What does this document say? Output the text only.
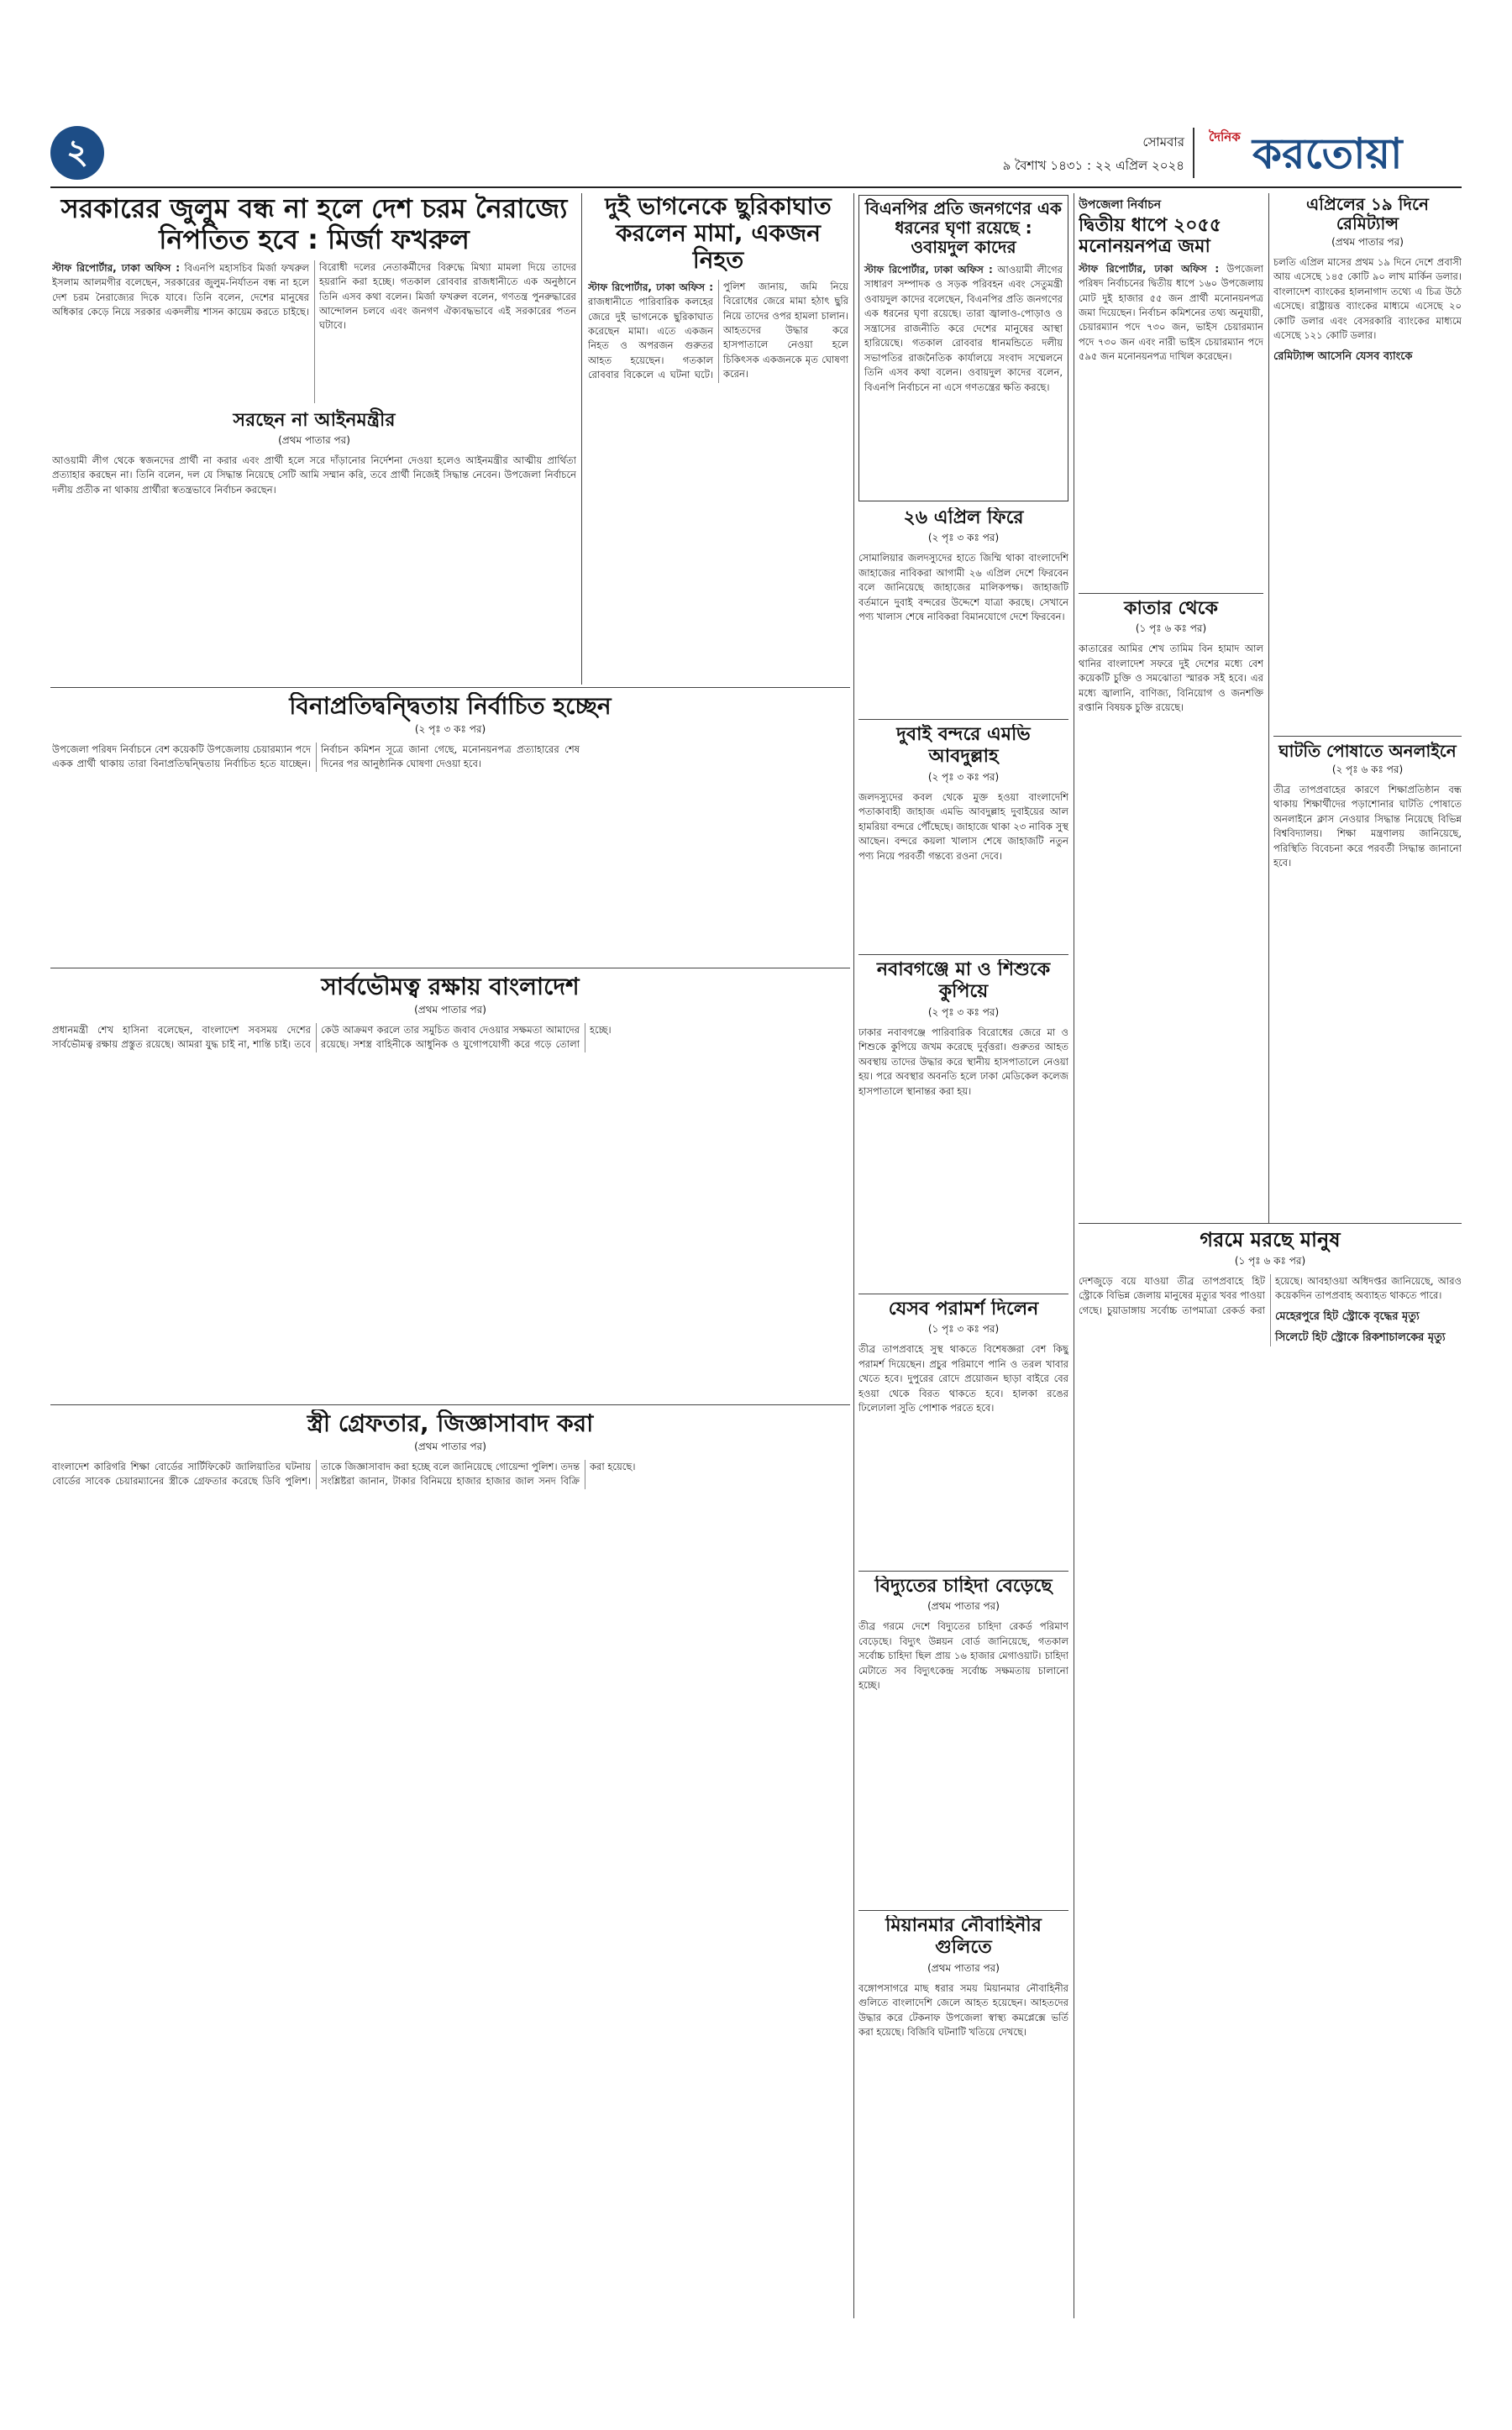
২	সোমবার
৯ বৈশাখ ১৪৩১ : ২২ এপ্রিল ২০২৪
দৈনিক করতোয়া
সরকারের জুলুম বন্ধ না হলে দেশ চরম নৈরাজ্যে নিপতিত হবে : মির্জা ফখরুল
স্টাফ রিপোর্টার, ঢাকা অফিস : বিএনপি মহাসচিব মির্জা ফখরুল ইসলাম আলমগীর বলেছেন, সরকারের জুলুম-নির্যাতন বন্ধ না হলে দেশ চরম নৈরাজ্যের দিকে যাবে। তিনি বলেন, দেশের মানুষের অধিকার কেড়ে নিয়ে সরকার একদলীয় শাসন কায়েম করতে চাইছে। বিরোধী দলের নেতাকর্মীদের বিরুদ্ধে মিথ্যা মামলা দিয়ে তাদের হয়রানি করা হচ্ছে। গতকাল রোববার রাজধানীতে এক অনুষ্ঠানে তিনি এসব কথা বলেন। মির্জা ফখরুল বলেন, গণতন্ত্র পুনরুদ্ধারের আন্দোলন চলবে এবং জনগণ ঐক্যবদ্ধভাবে এই সরকারের পতন ঘটাবে।
সরছেন না আইনমন্ত্রীর
(প্রথম পাতার পর)
আওয়ামী লীগ থেকে স্বজনদের প্রার্থী না করার এবং প্রার্থী হলে সরে দাঁড়ানোর নির্দেশনা দেওয়া হলেও আইনমন্ত্রীর আত্মীয় প্রার্থিতা প্রত্যাহার করছেন না। তিনি বলেন, দল যে সিদ্ধান্ত নিয়েছে সেটি আমি সম্মান করি, তবে প্রার্থী নিজেই সিদ্ধান্ত নেবেন। উপজেলা নির্বাচনে দলীয় প্রতীক না থাকায় প্রার্থীরা স্বতন্ত্রভাবে নির্বাচন করছেন।
দুই ভাগনেকে ছুরিকাঘাত করলেন মামা, একজন নিহত
স্টাফ রিপোর্টার, ঢাকা অফিস : রাজধানীতে পারিবারিক কলহের জেরে দুই ভাগনেকে ছুরিকাঘাত করেছেন মামা। এতে একজন নিহত ও অপরজন গুরুতর আহত হয়েছেন। গতকাল রোববার বিকেলে এ ঘটনা ঘটে। পুলিশ জানায়, জমি নিয়ে বিরোধের জেরে মামা হঠাৎ ছুরি নিয়ে তাদের ওপর হামলা চালান। আহতদের উদ্ধার করে হাসপাতালে নেওয়া হলে চিকিৎসক একজনকে মৃত ঘোষণা করেন।
বিনাপ্রতিদ্বন্দ্বিতায় নির্বাচিত হচ্ছেন
(২ পৃঃ ৩ কঃ পর)
উপজেলা পরিষদ নির্বাচনে বেশ কয়েকটি উপজেলায় চেয়ারম্যান পদে একক প্রার্থী থাকায় তারা বিনাপ্রতিদ্বন্দ্বিতায় নির্বাচিত হতে যাচ্ছেন। নির্বাচন কমিশন সূত্রে জানা গেছে, মনোনয়নপত্র প্রত্যাহারের শেষ দিনের পর আনুষ্ঠানিক ঘোষণা দেওয়া হবে।
সার্বভৌমত্ব রক্ষায় বাংলাদেশ
(প্রথম পাতার পর)
প্রধানমন্ত্রী শেখ হাসিনা বলেছেন, বাংলাদেশ সবসময় দেশের সার্বভৌমত্ব রক্ষায় প্রস্তুত রয়েছে। আমরা যুদ্ধ চাই না, শান্তি চাই। তবে কেউ আক্রমণ করলে তার সমুচিত জবাব দেওয়ার সক্ষমতা আমাদের রয়েছে। সশস্ত্র বাহিনীকে আধুনিক ও যুগোপযোগী করে গড়ে তোলা হচ্ছে।
স্ত্রী গ্রেফতার, জিজ্ঞাসাবাদ করা
(প্রথম পাতার পর)
বাংলাদেশ কারিগরি শিক্ষা বোর্ডের সার্টিফিকেট জালিয়াতির ঘটনায় বোর্ডের সাবেক চেয়ারম্যানের স্ত্রীকে গ্রেফতার করেছে ডিবি পুলিশ। তাকে জিজ্ঞাসাবাদ করা হচ্ছে বলে জানিয়েছে গোয়েন্দা পুলিশ। তদন্ত সংশ্লিষ্টরা জানান, টাকার বিনিময়ে হাজার হাজার জাল সনদ বিক্রি করা হয়েছে।
বিএনপির প্রতি জনগণের এক ধরনের ঘৃণা রয়েছে : ওবায়দুল কাদের
স্টাফ রিপোর্টার, ঢাকা অফিস : আওয়ামী লীগের সাধারণ সম্পাদক ও সড়ক পরিবহন এবং সেতুমন্ত্রী ওবায়দুল কাদের বলেছেন, বিএনপির প্রতি জনগণের এক ধরনের ঘৃণা রয়েছে। তারা জ্বালাও-পোড়াও ও সন্ত্রাসের রাজনীতি করে দেশের মানুষের আস্থা হারিয়েছে। গতকাল রোববার ধানমন্ডিতে দলীয় সভাপতির রাজনৈতিক কার্যালয়ে সংবাদ সম্মেলনে তিনি এসব কথা বলেন। ওবায়দুল কাদের বলেন, বিএনপি নির্বাচনে না এসে গণতন্ত্রের ক্ষতি করছে।
২৬ এপ্রিল ফিরে
(২ পৃঃ ৩ কঃ পর)
সোমালিয়ার জলদস্যুদের হাতে জিম্মি থাকা বাংলাদেশি জাহাজের নাবিকরা আগামী ২৬ এপ্রিল দেশে ফিরবেন বলে জানিয়েছে জাহাজের মালিকপক্ষ। জাহাজটি বর্তমানে দুবাই বন্দরের উদ্দেশে যাত্রা করছে। সেখানে পণ্য খালাস শেষে নাবিকরা বিমানযোগে দেশে ফিরবেন।
দুবাই বন্দরে এমভি আবদুল্লাহ
(২ পৃঃ ৩ কঃ পর)
জলদস্যুদের কবল থেকে মুক্ত হওয়া বাংলাদেশি পতাকাবাহী জাহাজ এমভি আবদুল্লাহ দুবাইয়ের আল হামরিয়া বন্দরে পৌঁছেছে। জাহাজে থাকা ২৩ নাবিক সুস্থ আছেন। বন্দরে কয়লা খালাস শেষে জাহাজটি নতুন পণ্য নিয়ে পরবর্তী গন্তব্যে রওনা দেবে।
নবাবগঞ্জে মা ও শিশুকে কুপিয়ে
(২ পৃঃ ৩ কঃ পর)
ঢাকার নবাবগঞ্জে পারিবারিক বিরোধের জেরে মা ও শিশুকে কুপিয়ে জখম করেছে দুর্বৃত্তরা। গুরুতর আহত অবস্থায় তাদের উদ্ধার করে স্থানীয় হাসপাতালে নেওয়া হয়। পরে অবস্থার অবনতি হলে ঢাকা মেডিকেল কলেজ হাসপাতালে স্থানান্তর করা হয়।
যেসব পরামর্শ দিলেন
(১ পৃঃ ৩ কঃ পর)
তীব্র তাপপ্রবাহে সুস্থ থাকতে বিশেষজ্ঞরা বেশ কিছু পরামর্শ দিয়েছেন। প্রচুর পরিমাণে পানি ও তরল খাবার খেতে হবে। দুপুরের রোদে প্রয়োজন ছাড়া বাইরে বের হওয়া থেকে বিরত থাকতে হবে। হালকা রঙের ঢিলেঢালা সুতি পোশাক পরতে হবে।
বিদ্যুতের চাহিদা বেড়েছে
(প্রথম পাতার পর)
তীব্র গরমে দেশে বিদ্যুতের চাহিদা রেকর্ড পরিমাণ বেড়েছে। বিদ্যুৎ উন্নয়ন বোর্ড জানিয়েছে, গতকাল সর্বোচ্চ চাহিদা ছিল প্রায় ১৬ হাজার মেগাওয়াট। চাহিদা মেটাতে সব বিদ্যুৎকেন্দ্র সর্বোচ্চ সক্ষমতায় চালানো হচ্ছে।
মিয়ানমার নৌবাহিনীর গুলিতে
(প্রথম পাতার পর)
বঙ্গোপসাগরে মাছ ধরার সময় মিয়ানমার নৌবাহিনীর গুলিতে বাংলাদেশি জেলে আহত হয়েছেন। আহতদের উদ্ধার করে টেকনাফ উপজেলা স্বাস্থ্য কমপ্লেক্সে ভর্তি করা হয়েছে। বিজিবি ঘটনাটি খতিয়ে দেখছে।
উপজেলা নির্বাচন
দ্বিতীয় ধাপে ২০৫৫ মনোনয়নপত্র জমা
স্টাফ রিপোর্টার, ঢাকা অফিস : উপজেলা পরিষদ নির্বাচনের দ্বিতীয় ধাপে ১৬০ উপজেলায় মোট দুই হাজার ৫৫ জন প্রার্থী মনোনয়নপত্র জমা দিয়েছেন। নির্বাচন কমিশনের তথ্য অনুযায়ী, চেয়ারম্যান পদে ৭৩০ জন, ভাইস চেয়ারম্যান পদে ৭৩০ জন এবং নারী ভাইস চেয়ারম্যান পদে ৫৯৫ জন মনোনয়নপত্র দাখিল করেছেন।
কাতার থেকে
(১ পৃঃ ৬ কঃ পর)
কাতারের আমির শেখ তামিম বিন হামাদ আল থানির বাংলাদেশ সফরে দুই দেশের মধ্যে বেশ কয়েকটি চুক্তি ও সমঝোতা স্মারক সই হবে। এর মধ্যে জ্বালানি, বাণিজ্য, বিনিয়োগ ও জনশক্তি রপ্তানি বিষয়ক চুক্তি রয়েছে।
গরমে মরছে মানুষ
(১ পৃঃ ৬ কঃ পর)
দেশজুড়ে বয়ে যাওয়া তীব্র তাপপ্রবাহে হিট স্ট্রোকে বিভিন্ন জেলায় মানুষের মৃত্যুর খবর পাওয়া গেছে। চুয়াডাঙ্গায় সর্বোচ্চ তাপমাত্রা রেকর্ড করা হয়েছে। আবহাওয়া অধিদপ্তর জানিয়েছে, আরও কয়েকদিন তাপপ্রবাহ অব্যাহত থাকতে পারে।
মেহেরপুরে হিট স্ট্রোকে বৃদ্ধের মৃত্যু
সিলেটে হিট স্ট্রোকে রিকশাচালকের মৃত্যু
এপ্রিলের ১৯ দিনে রেমিট্যান্স
(প্রথম পাতার পর)
চলতি এপ্রিল মাসের প্রথম ১৯ দিনে দেশে প্রবাসী আয় এসেছে ১৪৫ কোটি ৯০ লাখ মার্কিন ডলার। বাংলাদেশ ব্যাংকের হালনাগাদ তথ্যে এ চিত্র উঠে এসেছে। রাষ্ট্রায়ত্ত ব্যাংকের মাধ্যমে এসেছে ২০ কোটি ডলার এবং বেসরকারি ব্যাংকের মাধ্যমে এসেছে ১২১ কোটি ডলার।
রেমিট্যান্স আসেনি যেসব ব্যাংকে
ঘাটতি পোষাতে অনলাইনে
(২ পৃঃ ৬ কঃ পর)
তীব্র তাপপ্রবাহের কারণে শিক্ষাপ্রতিষ্ঠান বন্ধ থাকায় শিক্ষার্থীদের পড়াশোনার ঘাটতি পোষাতে অনলাইনে ক্লাস নেওয়ার সিদ্ধান্ত নিয়েছে বিভিন্ন বিশ্ববিদ্যালয়। শিক্ষা মন্ত্রণালয় জানিয়েছে, পরিস্থিতি বিবেচনা করে পরবর্তী সিদ্ধান্ত জানানো হবে।
